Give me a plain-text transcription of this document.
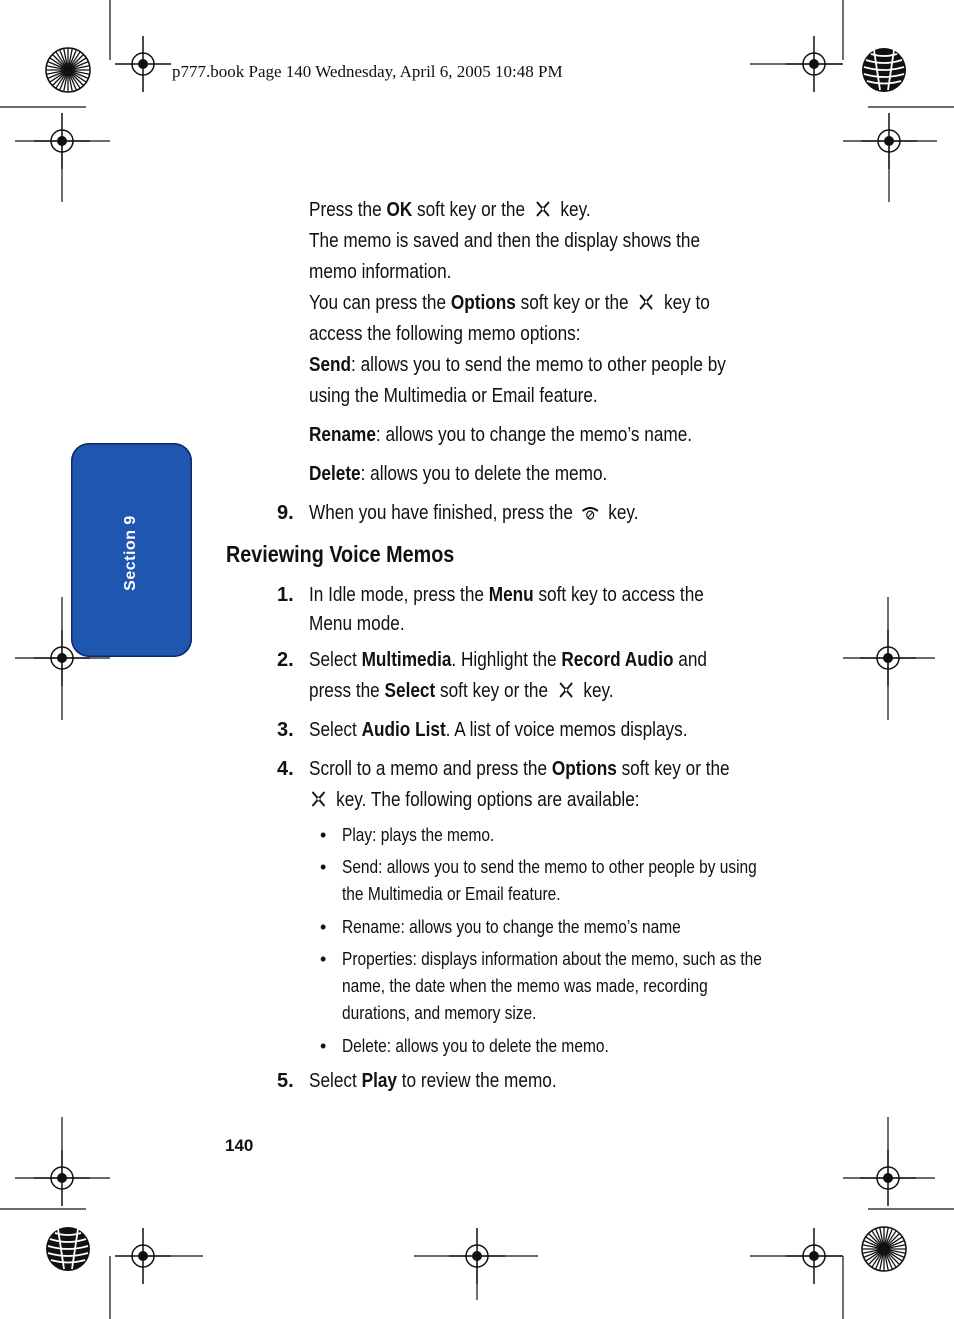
p777.book Page 140 Wednesday, April 6, 2005 10:48 PM
Section 9
Press the OK soft key or the  key.
The memo is saved and then the display shows the
memo information.
You can press the Options soft key or the  key to
access the following memo options:
Send: allows you to send the memo to other people by
using the Multimedia or Email feature.
Rename: allows you to change the memo’s name.
Delete: allows you to delete the memo.
9. When you have finished, press the  key.
Reviewing Voice Memos
1. In Idle mode, press the Menu soft key to access the
Menu mode.
2. Select Multimedia. Highlight the Record Audio and
press the Select soft key or the  key.
3. Select Audio List. A list of voice memos displays.
4. Scroll to a memo and press the Options soft key or the
key. The following options are available:
• Play: plays the memo.
• Send: allows you to send the memo to other people by using
the Multimedia or Email feature.
• Rename: allows you to change the memo’s name
• Properties: displays information about the memo, such as the
name, the date when the memo was made, recording
durations, and memory size.
• Delete: allows you to delete the memo.
5. Select Play to review the memo.
140
